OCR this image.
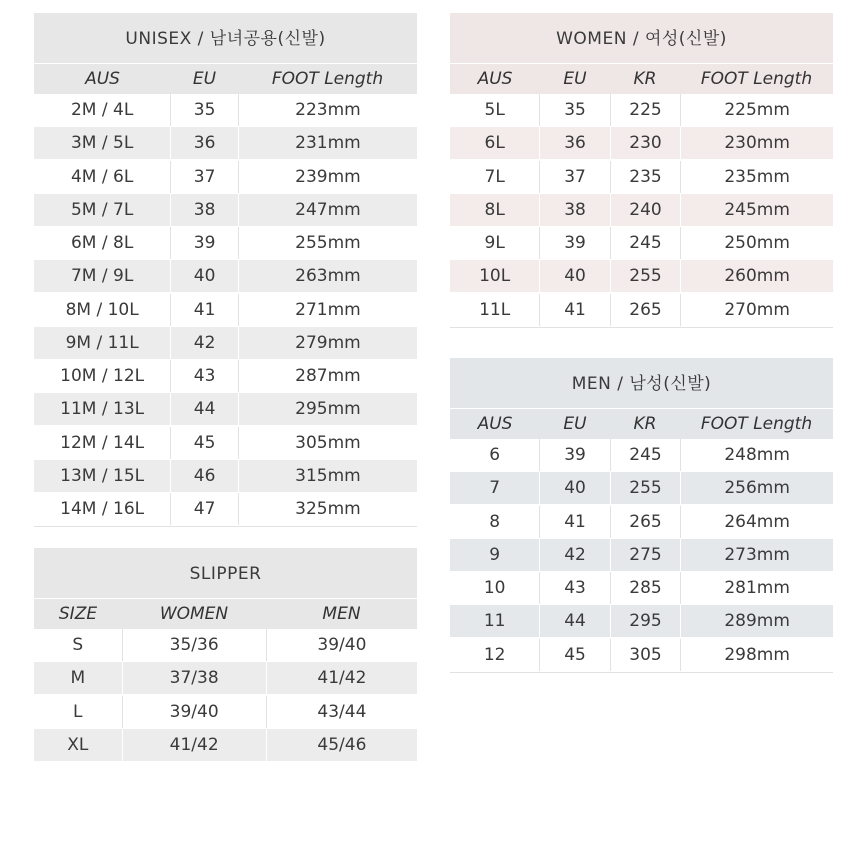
UNISEX / 남녀공용(신발)
AUS	EU	FOOT Length
2M / 4L	35	223mm
3M / 5L	36	231mm
4M / 6L	37	239mm
5M / 7L	38	247mm
6M / 8L	39	255mm
7M / 9L	40	263mm
8M / 10L	41	271mm
9M / 11L	42	279mm
10M / 12L	43	287mm
11M / 13L	44	295mm
12M / 14L	45	305mm
13M / 15L	46	315mm
14M / 16L	47	325mm
SLIPPER
SIZE	WOMEN	MEN
S	35/36	39/40
M	37/38	41/42
L	39/40	43/44
XL	41/42	45/46
WOMEN / 여성(신발)
AUS	EU	KR	FOOT Length
5L	35	225	225mm
6L	36	230	230mm
7L	37	235	235mm
8L	38	240	245mm
9L	39	245	250mm
10L	40	255	260mm
11L	41	265	270mm
MEN / 남성(신발)
AUS	EU	KR	FOOT Length
6	39	245	248mm
7	40	255	256mm
8	41	265	264mm
9	42	275	273mm
10	43	285	281mm
11	44	295	289mm
12	45	305	298mm
